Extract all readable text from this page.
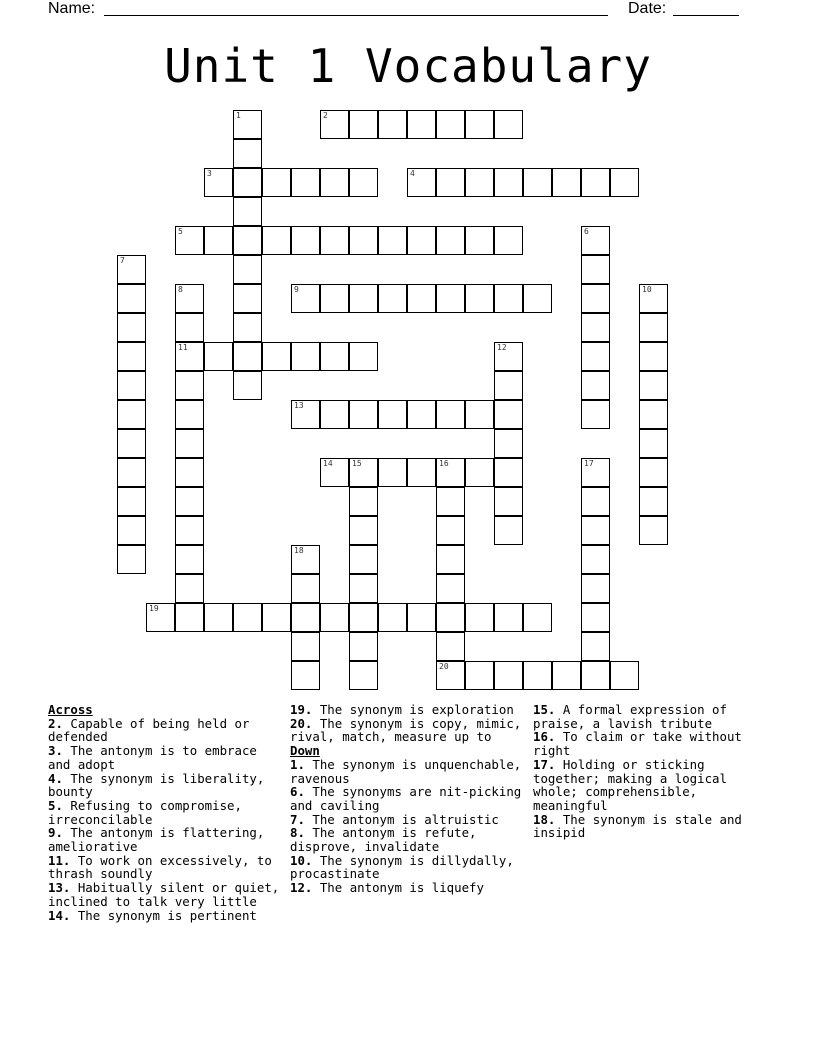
Name:	Date:
Unit 1 Vocabulary
1	2
3	4
5	6
7
8
11
9	10
12
13
14 15	16
20
17
18
19

Across

2. Capable of being held or defended

3. The antonym is to embrace and adopt

4. The synonym is liberality, bounty

5. Refusing to compromise, irreconcilable

9. The antonym is flattering, ameliorative

11. To work on excessively, to thrash soundly

13. Habitually silent or quiet, inclined to talk very little

14. The synonym is pertinent

19. The synonym is exploration

20. The synonym is copy, mimic, rival, match, measure up to

Down

1. The synonym is unquenchable, ravenous

6. The synonyms are nit-picking and caviling

7. The antonym is altruistic

8. The antonym is refute, disprove, invalidate

10. The synonym is dillydally, procastinate

12. The antonym is liquefy

15. A formal expression of praise, a lavish tribute

16. To claim or take without right

17. Holding or sticking together; making a logical whole; comprehensible, meaningful

18. The synonym is stale and insipid
